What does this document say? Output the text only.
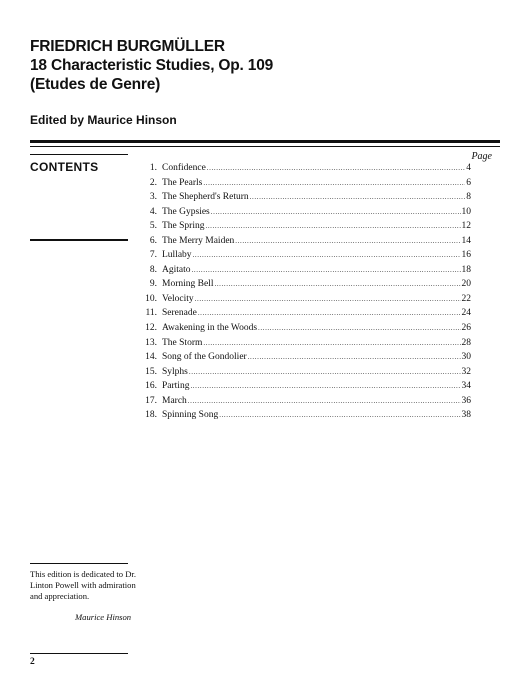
FRIEDRICH BURGMÜLLER
18 Characteristic Studies, Op. 109
(Etudes de Genre)
Edited by Maurice Hinson
CONTENTS
Page
1. Confidence .....	4
2. The Pearls .....	6
3. The Shepherd's Return .....	8
4. The Gypsies .....	10
5. The Spring .....	12
6. The Merry Maiden .....	14
7. Lullaby .....	16
8. Agitato .....	18
9. Morning Bell .....	20
10. Velocity .....	22
11. Serenade .....	24
12. Awakening in the Woods .....	26
13. The Storm .....	28
14. Song of the Gondolier .....	30
15. Sylphs .....	32
16. Parting .....	34
17. March .....	36
18. Spinning Song .....	38
This edition is dedicated to Dr. Linton Powell with admiration and appreciation.
Maurice Hinson
2
